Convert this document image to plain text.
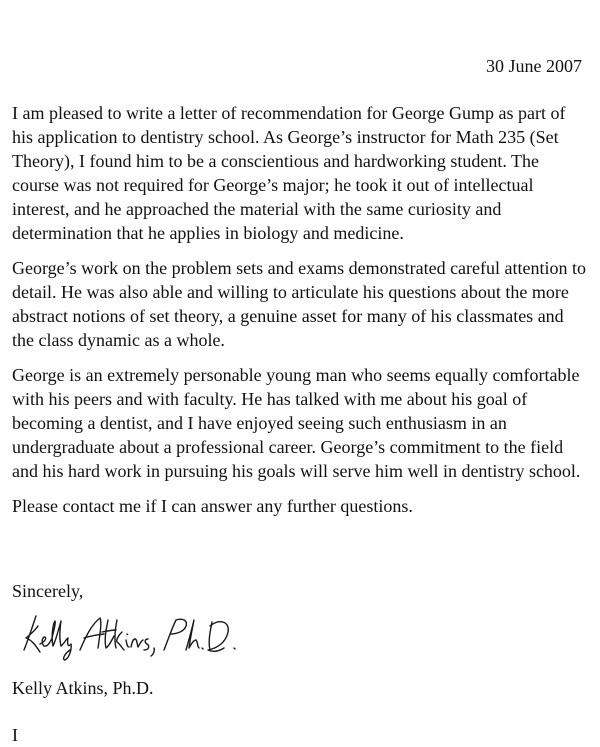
30 June 2007

I am pleased to write a letter of recommendation for George Gump as part of his application to dentistry school. As George’s instructor for Math 235 (Set Theory), I found him to be a conscientious and hardworking student. The course was not required for George’s major; he took it out of intellectual interest, and he approached the material with the same curiosity and determination that he applies in biology and medicine.

George’s work on the problem sets and exams demonstrated careful attention to detail. He was also able and willing to articulate his questions about the more abstract notions of set theory, a genuine asset for many of his classmates and the class dynamic as a whole.

George is an extremely personable young man who seems equally comfortable with his peers and with faculty. He has talked with me about his goal of becoming a dentist, and I have enjoyed seeing such enthusiasm in an undergraduate about a professional career. George’s commitment to the field and his hard work in pursuing his goals will serve him well in dentistry school.

Please contact me if I can answer any further questions.

Sincerely,
Kelly Atkins, Ph.D.
I
